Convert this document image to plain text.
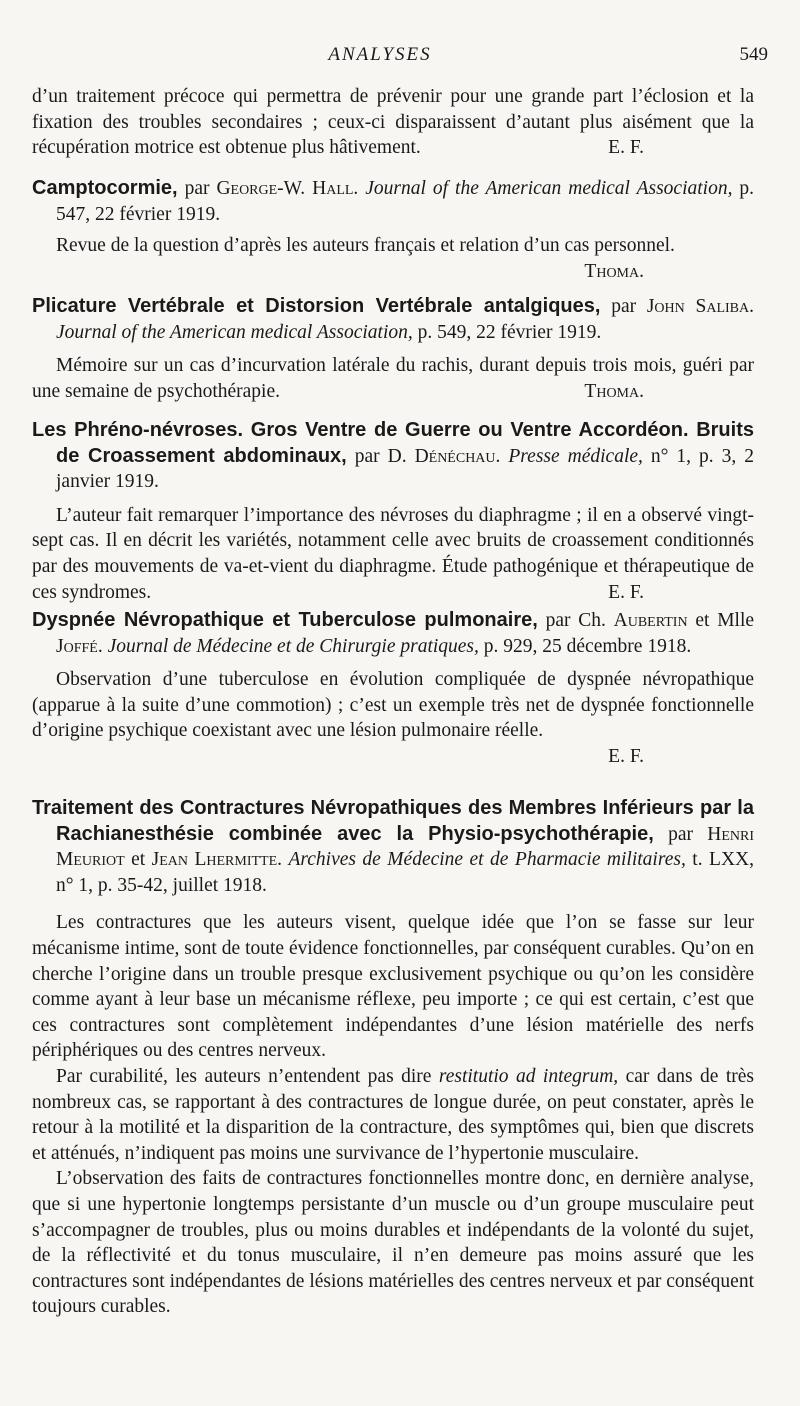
ANALYSES	549

d’un traitement précoce qui permettra de prévenir pour une grande part l’éclosion et la fixation des troubles secondaires ; ceux-ci disparaissent d’autant plus aisément que la récupération motrice est obtenue plus hâtivement.	E. F.

Camptocormie, par George-W. Hall. Journal of the American medical Association, p. 547, 22 février 1919.

Revue de la question d’après les auteurs français et relation d’un cas personnel.

Thoma.

Plicature Vertébrale et Distorsion Vertébrale antalgiques, par John Saliba. Journal of the American medical Association, p. 549, 22 février 1919.

Mémoire sur un cas d’incurvation latérale du rachis, durant depuis trois mois, guéri par une semaine de psychothérapie.	Thoma.

Les Phréno-névroses. Gros Ventre de Guerre ou Ventre Accordéon. Bruits de Croassement abdominaux, par D. Dénéchau. Presse médicale, n° 1, p. 3, 2 janvier 1919.

L’auteur fait remarquer l’importance des névroses du diaphragme ; il en a observé vingt-sept cas. Il en décrit les variétés, notamment celle avec bruits de croassement conditionnés par des mouvements de va-et-vient du diaphragme. Étude pathogénique et thérapeutique de ces syndromes.	E. F.

Dyspnée Névropathique et Tuberculose pulmonaire, par Ch. Aubertin et Mlle Joffé. Journal de Médecine et de Chirurgie pratiques, p. 929, 25 décembre 1918.

Observation d’une tuberculose en évolution compliquée de dyspnée névropathique (apparue à la suite d’une commotion) ; c’est un exemple très net de dyspnée fonctionnelle d’origine psychique coexistant avec une lésion pulmonaire réelle.

E. F.

Traitement des Contractures Névropathiques des Membres Inférieurs par la Rachianesthésie combinée avec la Physio-psychothérapie, par Henri Meuriot et Jean Lhermitte. Archives de Médecine et de Pharmacie militaires, t. LXX, n° 1, p. 35-42, juillet 1918.

Les contractures que les auteurs visent, quelque idée que l’on se fasse sur leur mécanisme intime, sont de toute évidence fonctionnelles, par conséquent curables. Qu’on en cherche l’origine dans un trouble presque exclusivement psychique ou qu’on les considère comme ayant à leur base un mécanisme réflexe, peu importe ; ce qui est certain, c’est que ces contractures sont complètement indépendantes d’une lésion matérielle des nerfs périphériques ou des centres nerveux.

Par curabilité, les auteurs n’entendent pas dire restitutio ad integrum, car dans de très nombreux cas, se rapportant à des contractures de longue durée, on peut constater, après le retour à la motilité et la disparition de la contracture, des symptômes qui, bien que discrets et atténués, n’indiquent pas moins une survivance de l’hypertonie musculaire.

L’observation des faits de contractures fonctionnelles montre donc, en dernière analyse, que si une hypertonie longtemps persistante d’un muscle ou d’un groupe musculaire peut s’accompagner de troubles, plus ou moins durables et indépendants de la volonté du sujet, de la réflectivité et du tonus musculaire, il n’en demeure pas moins assuré que les contractures sont indépendantes de lésions matérielles des centres nerveux et par conséquent toujours curables.
